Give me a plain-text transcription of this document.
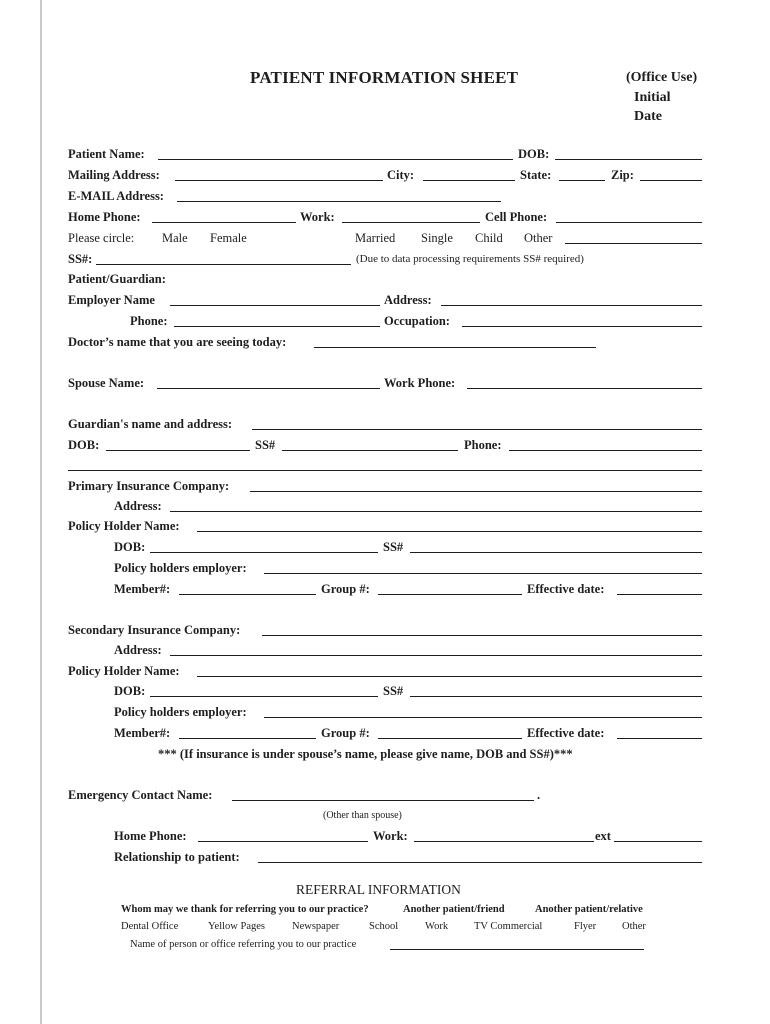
PATIENT INFORMATION SHEET	(Office Use)
Initial
Date
Patient Name:	DOB:
Mailing Address:	City:	State:	Zip:
E-MAIL Address:
Home Phone:	Work:	Cell Phone:
Please circle: Male Female	Married Single Child Other
SS#:	(Due to data processing requirements SS# required)
Patient/Guardian:
Employer Name	Address:
Phone:	Occupation:
Doctor’s name that you are seeing today:
Spouse Name:	Work Phone:
Guardian's name and address:
DOB:	SS#	Phone:
Primary Insurance Company:
Address:
Policy Holder Name:
DOB:	SS#
Policy holders employer:
Member#:	Group #:	Effective date:
Secondary Insurance Company:
Address:
Policy Holder Name:
DOB:	SS#
Policy holders employer:
Member#:	Group #:	Effective date:
*** (If insurance is under spouse’s name, please give name, DOB and SS#)***
Emergency Contact Name:	.
(Other than spouse)
Home Phone:	Work:	ext
Relationship to patient:
REFERRAL INFORMATION
Whom may we thank for referring you to our practice?	Another patient/friend	Another patient/relative
Dental Office	Yellow Pages	Newspaper	School	Work TV Commercial	Flyer Other
Name of person or office referring you to our practice
